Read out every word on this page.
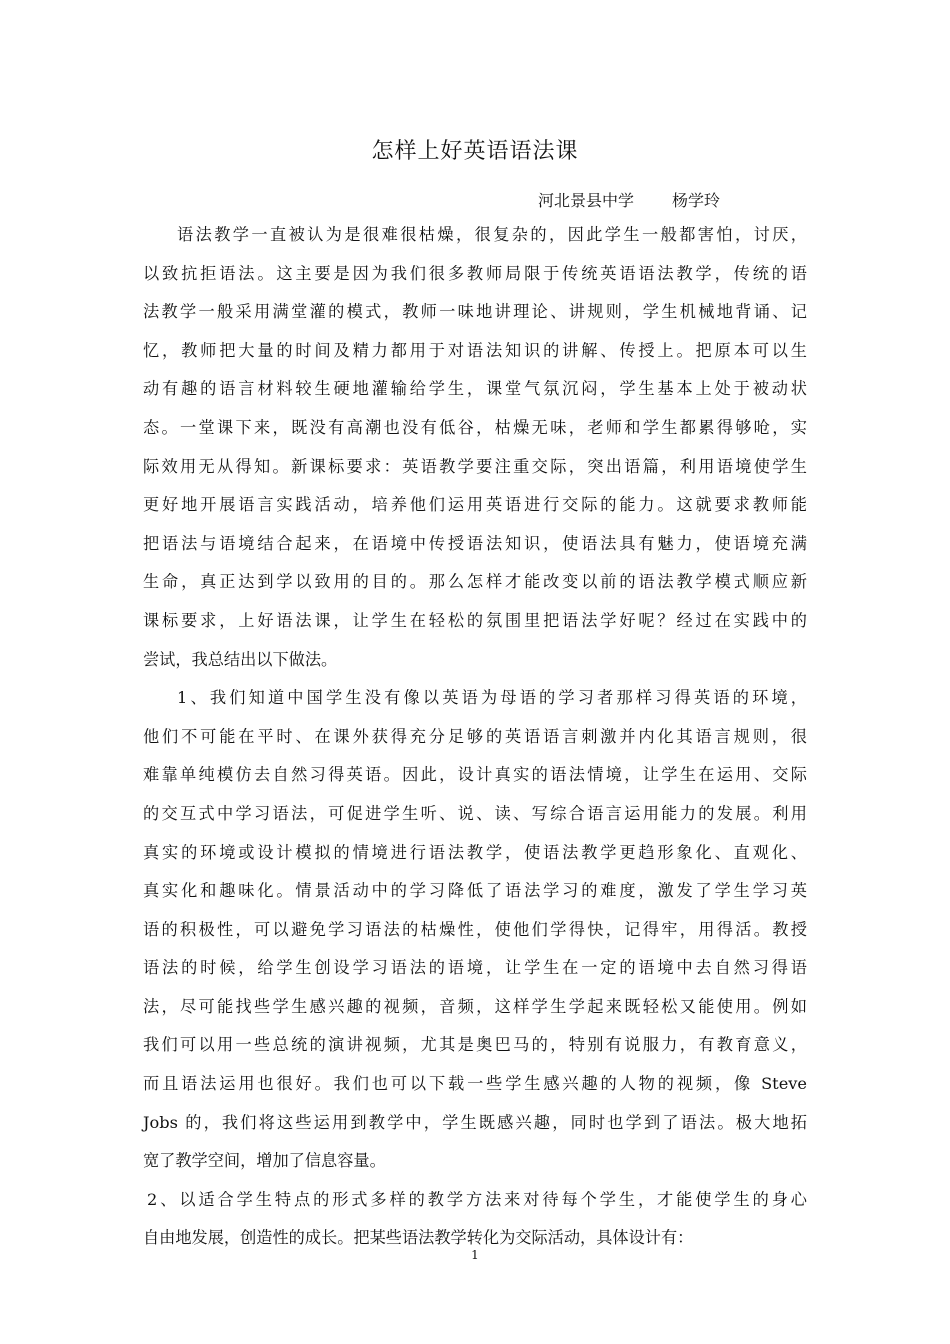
怎样上好英语语法课
河北景县中学 杨学玲
语法教学一直被认为是很难很枯燥，很复杂的，因此学生一般都害怕，讨厌，
以致抗拒语法。这主要是因为我们很多教师局限于传统英语语法教学，传统的语
法教学一般采用满堂灌的模式，教师一味地讲理论、讲规则，学生机械地背诵、记
忆，教师把大量的时间及精力都用于对语法知识的讲解、传授上。把原本可以生
动有趣的语言材料较生硬地灌输给学生，课堂气氛沉闷，学生基本上处于被动状
态。一堂课下来，既没有高潮也没有低谷，枯燥无味，老师和学生都累得够呛，实
际效用无从得知。新课标要求：英语教学要注重交际，突出语篇，利用语境使学生
更好地开展语言实践活动，培养他们运用英语进行交际的能力。这就要求教师能
把语法与语境结合起来，在语境中传授语法知识，使语法具有魅力，使语境充满
生命，真正达到学以致用的目的。那么怎样才能改变以前的语法教学模式顺应新
课标要求，上好语法课，让学生在轻松的氛围里把语法学好呢？经过在实践中的
尝试，我总结出以下做法。
1、我们知道中国学生没有像以英语为母语的学习者那样习得英语的环境，
他们不可能在平时、在课外获得充分足够的英语语言刺激并内化其语言规则，很
难靠单纯模仿去自然习得英语。因此，设计真实的语法情境，让学生在运用、交际
的交互式中学习语法，可促进学生听、说、读、写综合语言运用能力的发展。利用
真实的环境或设计模拟的情境进行语法教学，使语法教学更趋形象化、直观化、
真实化和趣味化。情景活动中的学习降低了语法学习的难度，激发了学生学习英
语的积极性，可以避免学习语法的枯燥性，使他们学得快，记得牢，用得活。教授
语法的时候，给学生创设学习语法的语境，让学生在一定的语境中去自然习得语
法，尽可能找些学生感兴趣的视频，音频，这样学生学起来既轻松又能使用。例如
我们可以用一些总统的演讲视频，尤其是奥巴马的，特别有说服力，有教育意义，
而且语法运用也很好。我们也可以下载一些学生感兴趣的人物的视频，像 Steve
Jobs 的，我们将这些运用到教学中，学生既感兴趣，同时也学到了语法。极大地拓
宽了教学空间，增加了信息容量。
2、以适合学生特点的形式多样的教学方法来对待每个学生，才能使学生的身心
自由地发展，创造性的成长。把某些语法教学转化为交际活动，具体设计有：
1
